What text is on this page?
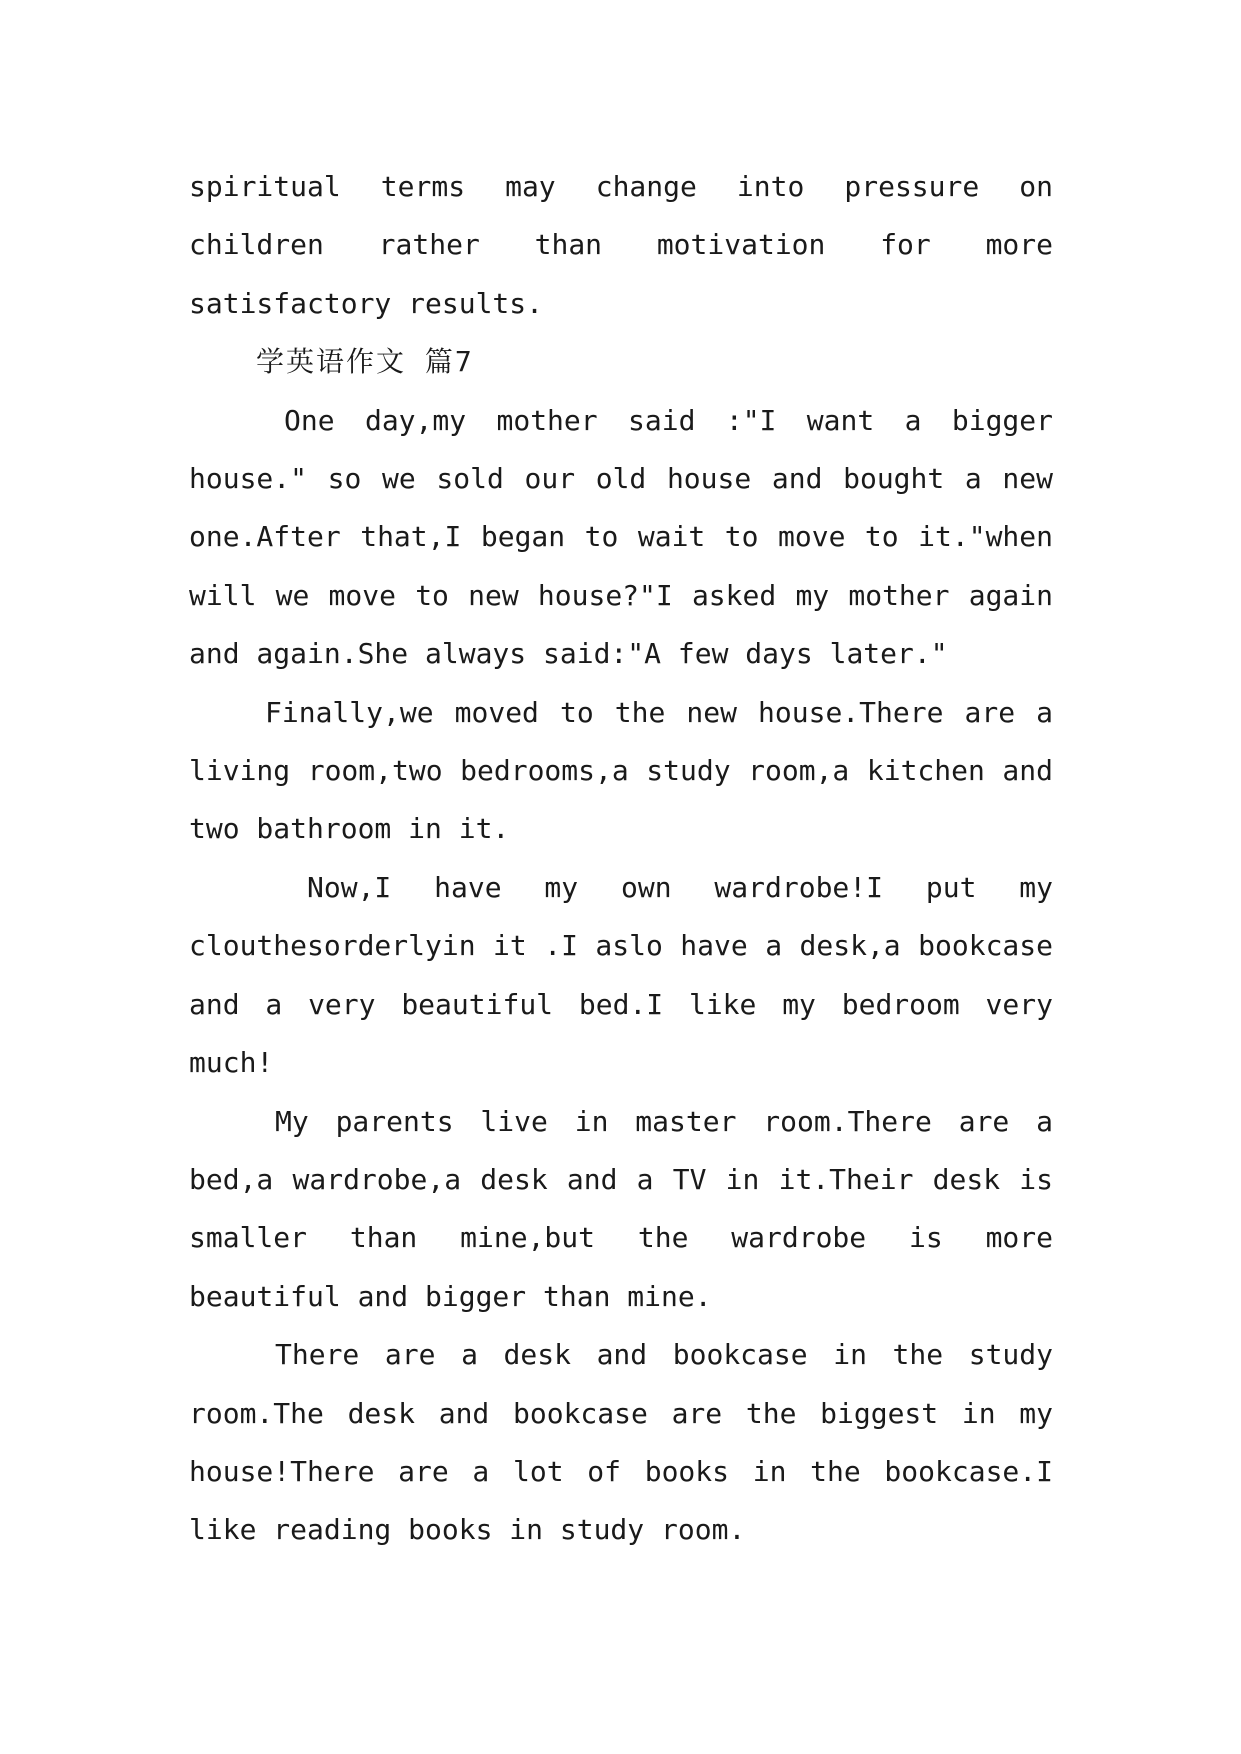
spiritual terms may change into pressure on children rather than motivation for more satisfactory results.

学英语作文 篇7

One day,my mother said :"I want a bigger house." so we sold our old house and bought a new one.After that,I began to wait to move to it."when will we move to new house?"I asked my mother again and again.She always said:"A few days later."

Finally,we moved to the new house.There are a living room,two bedrooms,a study room,a kitchen and two bathroom in it.

Now,I have my own wardrobe!I put my clouthesorderlyin it .I aslo have a desk,a bookcase and a very beautiful bed.I like my bedroom very much!

My parents live in master room.There are a bed,a wardrobe,a desk and a TV in it.Their desk is smaller than mine,but the wardrobe is more beautiful and bigger than mine.

There are a desk and bookcase in the study room.The desk and bookcase are the biggest in my house!There are a lot of books in the bookcase.I like reading books in study room.
